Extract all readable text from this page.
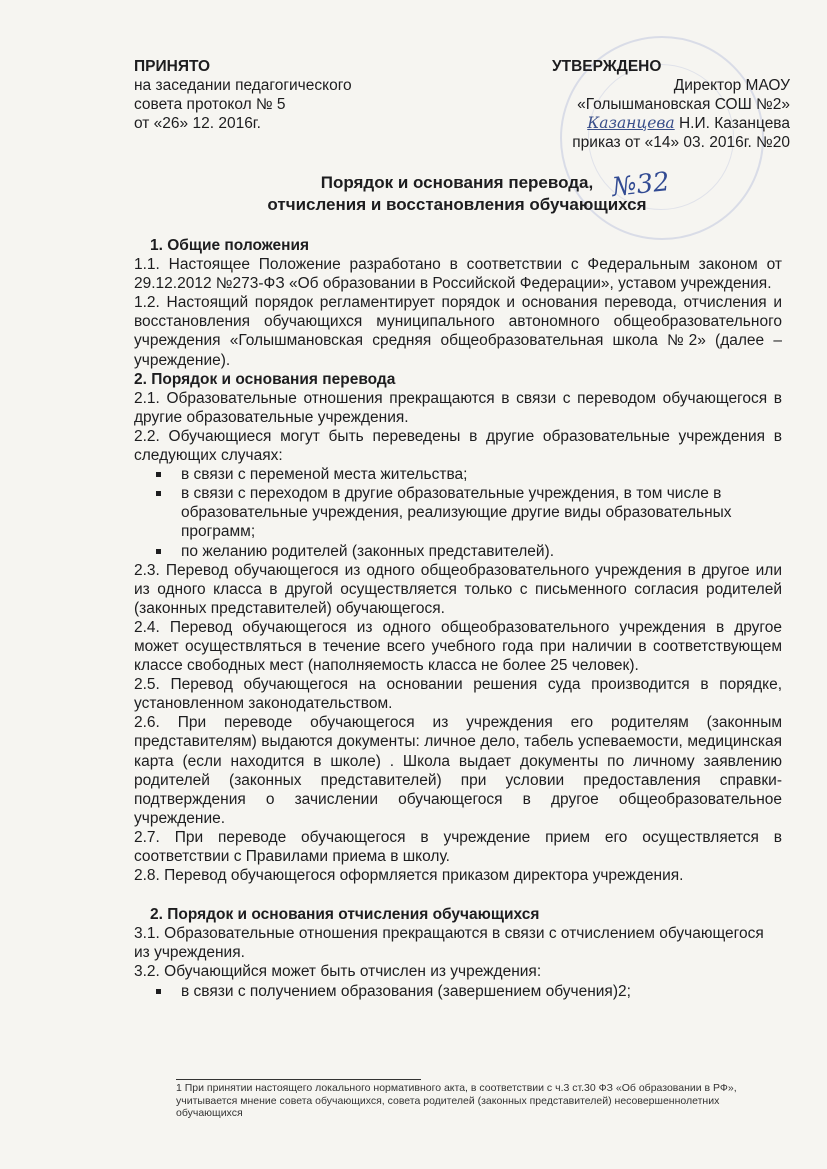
ПРИНЯТО
на заседании педагогического
совета протокол № 5
от «26» 12. 2016г.
УТВЕРЖДЕНО
Директор МАОУ
«Голышмановская СОШ №2»
Казанцева Н.И. Казанцева
приказ от «14» 03. 2016г. №20
№32
Порядок и основания перевода,
отчисления и восстановления обучающихся

1. Общие положения

1.1. Настоящее Положение разработано в соответствии с Федеральным законом от 29.12.2012 №273-ФЗ «Об образовании в Российской Федерации», уставом учреждения.

1.2. Настоящий порядок регламентирует порядок и основания перевода, отчисления и восстановления обучающихся муниципального автономного общеобразовательного учреждения «Голышмановская средняя общеобразовательная школа №2» (далее – учреждение).

2. Порядок и основания перевода

2.1. Образовательные отношения прекращаются в связи с переводом обучающегося в другие образовательные учреждения.

2.2. Обучающиеся могут быть переведены в другие образовательные учреждения в следующих случаях:

в связи с переменой места жительства;
в связи с переходом в другие образовательные учреждения, в том числе в образовательные учреждения, реализующие другие виды образовательных программ;
по желанию родителей (законных представителей).

2.3. Перевод обучающегося из одного общеобразовательного учреждения в другое или из одного класса в другой осуществляется только с письменного согласия родителей (законных представителей) обучающегося.

2.4. Перевод обучающегося из одного общеобразовательного учреждения в другое может осуществляться в течение всего учебного года при наличии в соответствующем классе свободных мест (наполняемость класса не более 25 человек).

2.5. Перевод обучающегося на основании решения суда производится в порядке, установленном законодательством.

2.6. При переводе обучающегося из учреждения его родителям (законным представителям) выдаются документы: личное дело, табель успеваемости, медицинская карта (если находится в школе) . Школа выдает документы по личному заявлению родителей (законных представителей) при условии предоставления справки-подтверждения о зачислении обучающегося в другое общеобразовательное учреждение.

2.7. При переводе обучающегося в учреждение прием его осуществляется в соответствии с Правилами приема в школу.

2.8. Перевод обучающегося оформляется приказом директора учреждения.

2. Порядок и основания отчисления обучающихся

3.1. Образовательные отношения прекращаются в связи с отчислением обучающегося

из учреждения.

3.2. Обучающийся может быть отчислен из учреждения:

в связи с получением образования (завершением обучения)2;
1 При принятии настоящего локального нормативного акта, в соответствии с ч.3 ст.30 ФЗ «Об образовании в РФ», учитывается мнение совета обучающихся, совета родителей (законных представителей) несовершеннолетних обучающихся
